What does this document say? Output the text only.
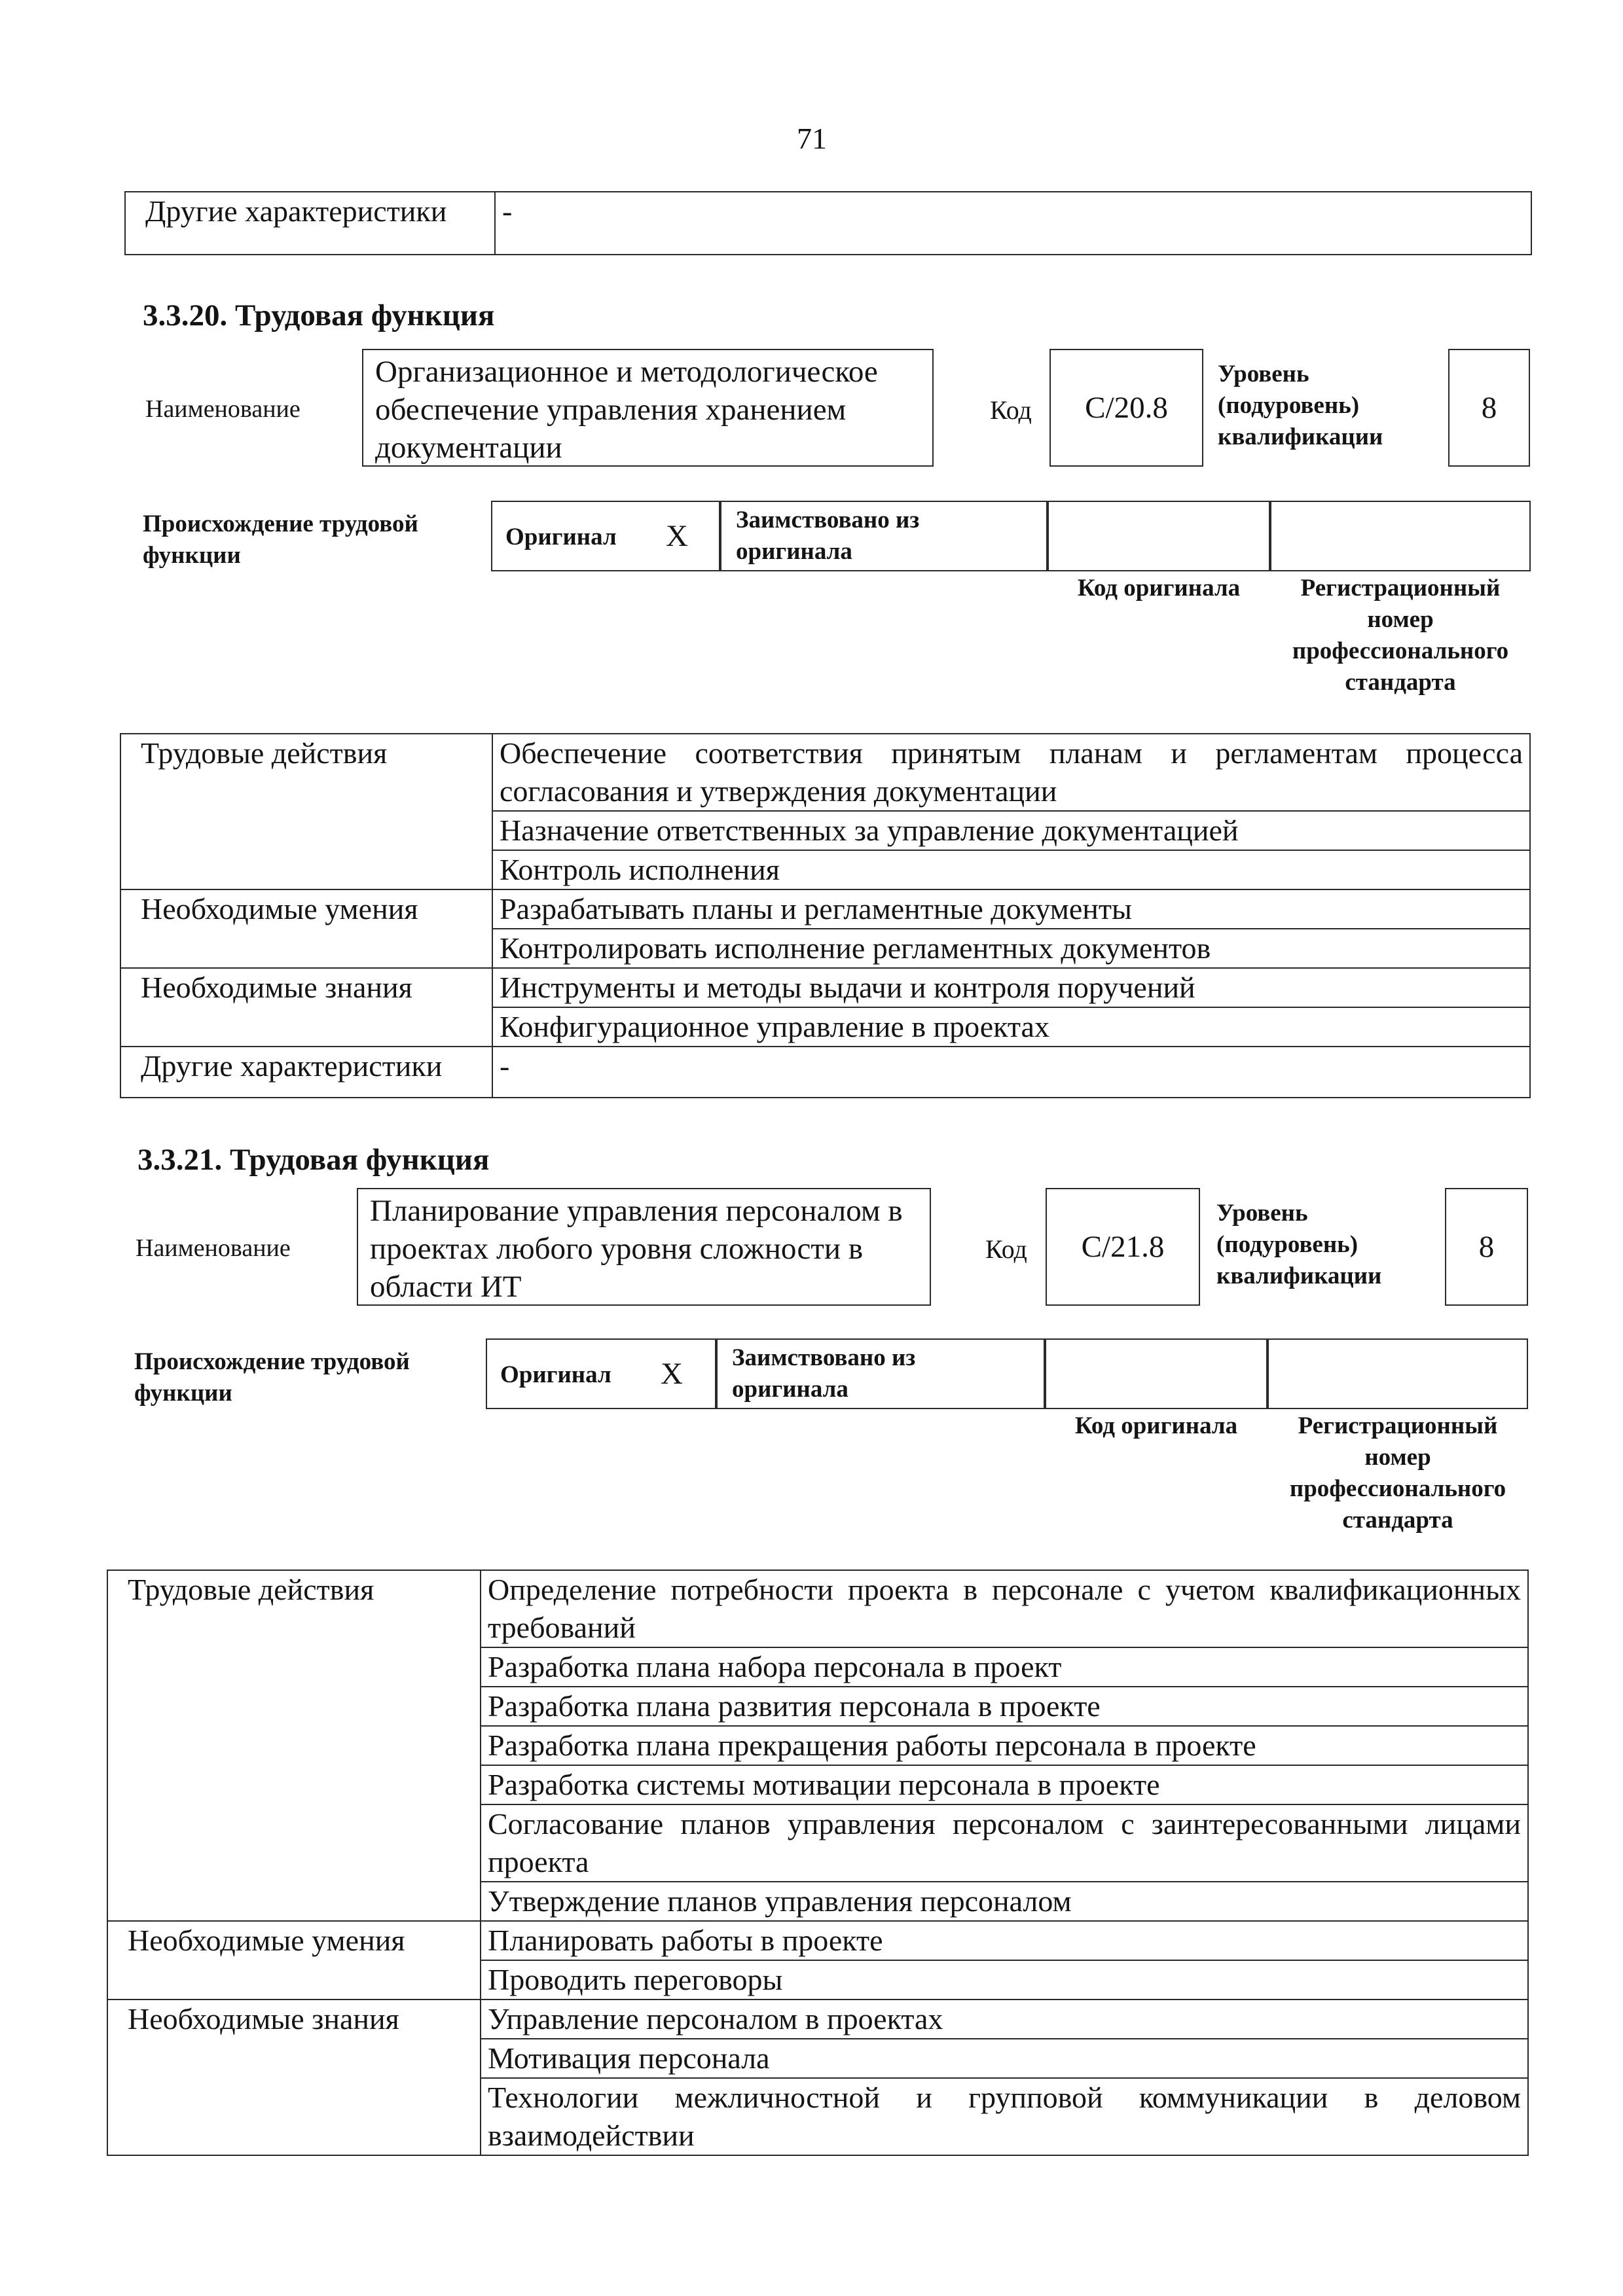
71
Другие характеристики	-
3.3.20. Трудовая функция
Наименование
Организационное и методологическое обеспечение управления хранением документации
Код	C/20.8
Уровень (подуровень) квалификации
8
Происхождение трудовой функции
Оригинал X	Заимствовано из оригинала
Код оригинала	Регистрационный номер профессионального стандарта
Трудовые действия	Обеспечение соответствия принятым планам и регламентам процесса согласования и утверждения документации

	Назначение ответственных за управление документацией
	Контроль исполнения
Необходимые умения	Разрабатывать планы и регламентные документы
	Контролировать исполнение регламентных документов
Необходимые знания	Инструменты и методы выдачи и контроля поручений
	Конфигурационное управление в проектах
Другие характеристики	-
3.3.21. Трудовая функция
Наименование
Планирование управления персоналом в проектах любого уровня сложности в области ИТ
Код	C/21.8
Уровень (подуровень) квалификации
8
Происхождение трудовой функции
Оригинал X	Заимствовано из оригинала
Код оригинала	Регистрационный номер профессионального стандарта
Трудовые действия	Определение потребности проекта в персонале с учетом квалификационных требований

	Разработка плана набора персонала в проект
	Разработка плана развития персонала в проекте
	Разработка плана прекращения работы персонала в проекте
	Разработка системы мотивации персонала в проекте

	Согласование планов управления персоналом с заинтересованными лицами проекта

	Утверждение планов управления персоналом
Необходимые умения	Планировать работы в проекте
	Проводить переговоры
Необходимые знания	Управление персоналом в проектах
	Мотивация персонала

	Технологии межличностной и групповой коммуникации в деловом взаимодействии
